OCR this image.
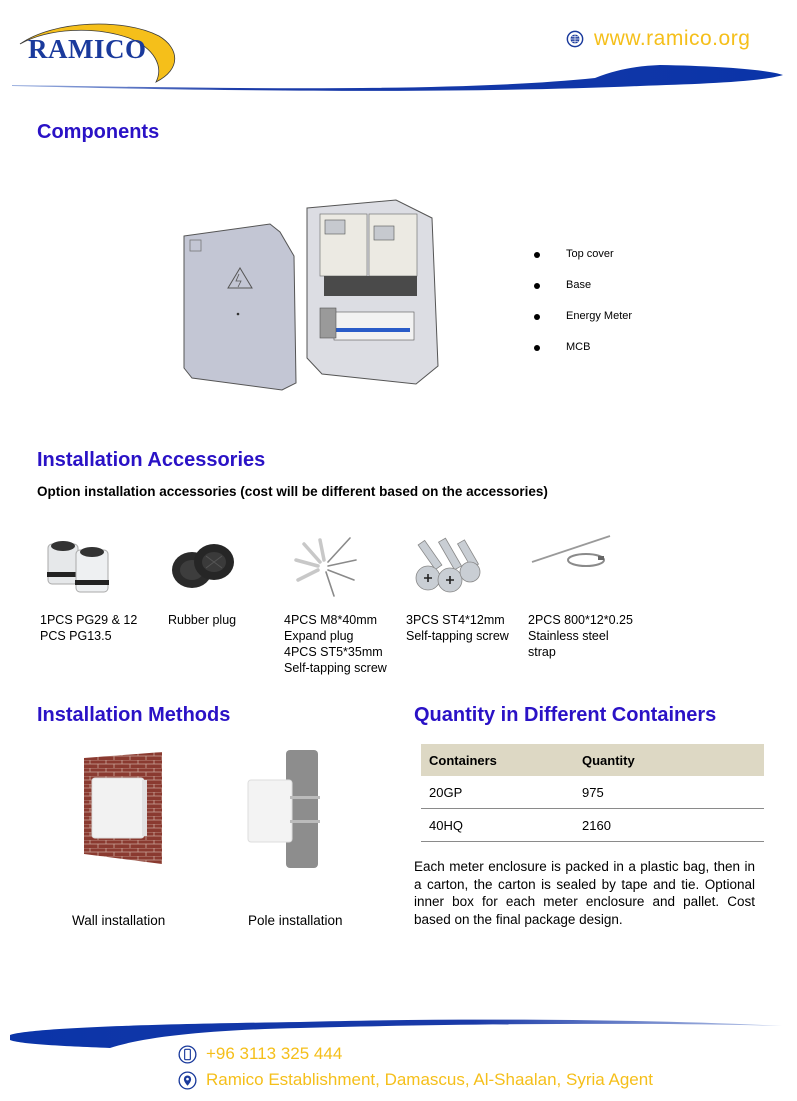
RAMICO	www.ramico.org
Components
Top cover
Base
Energy Meter
MCB
Installation Accessories
Option installation accessories (cost will be different based on the accessories)
1PCS PG29 & 12
PCS PG13.5
Rubber plug	4PCS M8*40mm
Expand plug
4PCS ST5*35mm
Self-tapping screw
3PCS ST4*12mm
Self-tapping screw
2PCS 800*12*0.25
Stainless steel
strap
Installation Methods
Wall installation	Pole installation
Quantity in Different Containers
Containers	Quantity
20GP	975
40HQ	2160
Each meter enclosure is packed in a plastic bag, then in a carton, the carton is sealed by tape and tie. Optional inner box for each meter enclosure and pallet. Cost based on the final package design.
+96 3113 325 444
Ramico Establishment, Damascus, Al-Shaalan, Syria Agent
